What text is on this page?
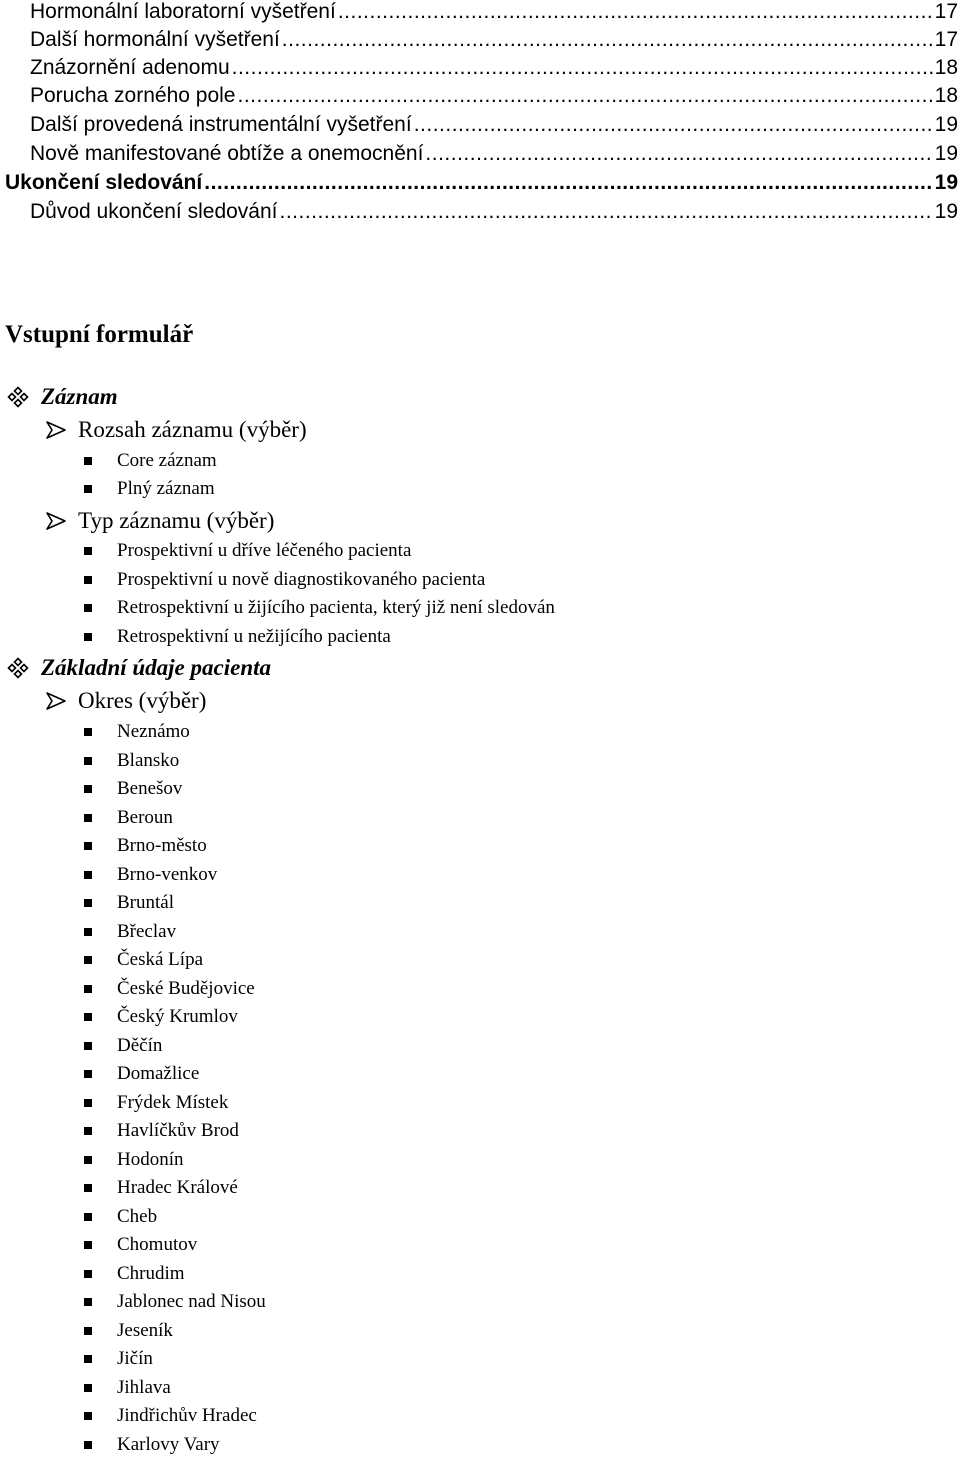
Hormonální laboratorní vyšetření .....	17
Další hormonální vyšetření .....	17
Znázornění adenomu .....	18
Porucha zorného pole .....	18
Další provedená instrumentální vyšetření .....	19
Nově manifestované obtíže a onemocnění .....	19
Ukončení sledování .....	19
Důvod ukončení sledování .....	19
Vstupní formulář
Záznam
Rozsah záznamu (výběr)
Core záznam
Plný záznam
Typ záznamu (výběr)
Prospektivní u dříve léčeného pacienta
Prospektivní u nově diagnostikovaného pacienta
Retrospektivní u žijícího pacienta, který již není sledován
Retrospektivní u nežijícího pacienta
Základní údaje pacienta
Okres (výběr)
Neznámo
Blansko
Benešov
Beroun
Brno-město
Brno-venkov
Bruntál
Břeclav
Česká Lípa
České Budějovice
Český Krumlov
Děčín
Domažlice
Frýdek Místek
Havlíčkův Brod
Hodonín
Hradec Králové
Cheb
Chomutov
Chrudim
Jablonec nad Nisou
Jeseník
Jičín
Jihlava
Jindřichův Hradec
Karlovy Vary
